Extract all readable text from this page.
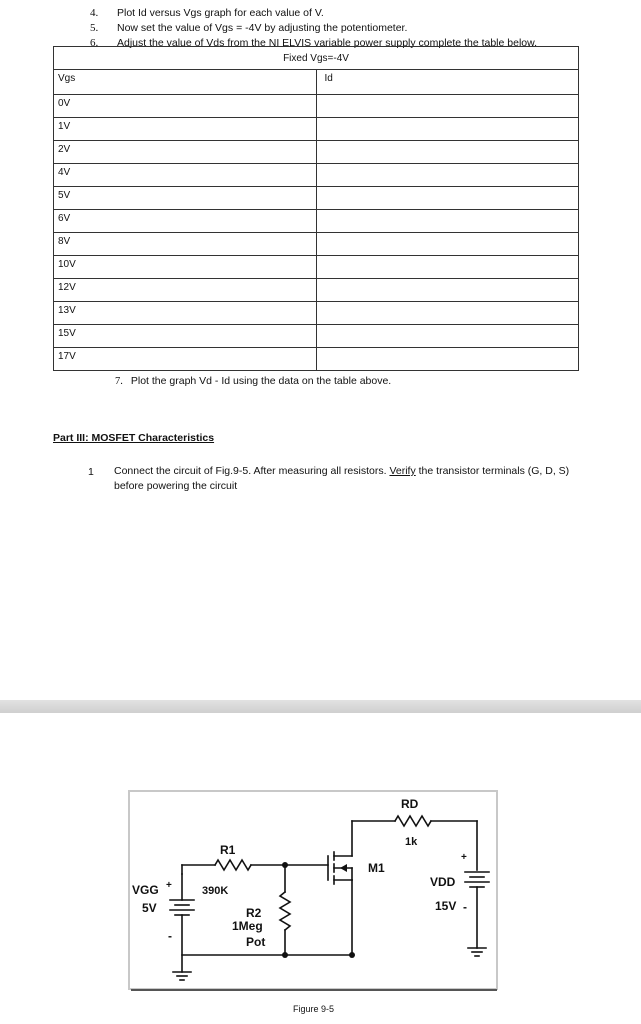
4.	Plot Id versus Vgs graph for each value of V.
5.	Now set the value of Vgs = -4V by adjusting the potentiometer.
6.	Adjust the value of Vds from the NI ELVIS variable power supply complete the table below.
Fixed Vgs=-4V	
Vgs	Id
0V	
1V	
2V	
4V	
5V	
6V	
8V	
10V	
12V	
13V	
15V	
17V	
7. Plot the graph Vd - Id using the data on the table above.
Part III: MOSFET Characteristics
1 Connect the circuit of Fig.9-5. After measuring all resistors. Verify the transistor terminals (G, D, S) before powering the circuit
RD
1k
R1
390K
R2
1Meg
Pot
M1
VGG
5V
+
-
VDD
15V
+
-
Figure 9-5
